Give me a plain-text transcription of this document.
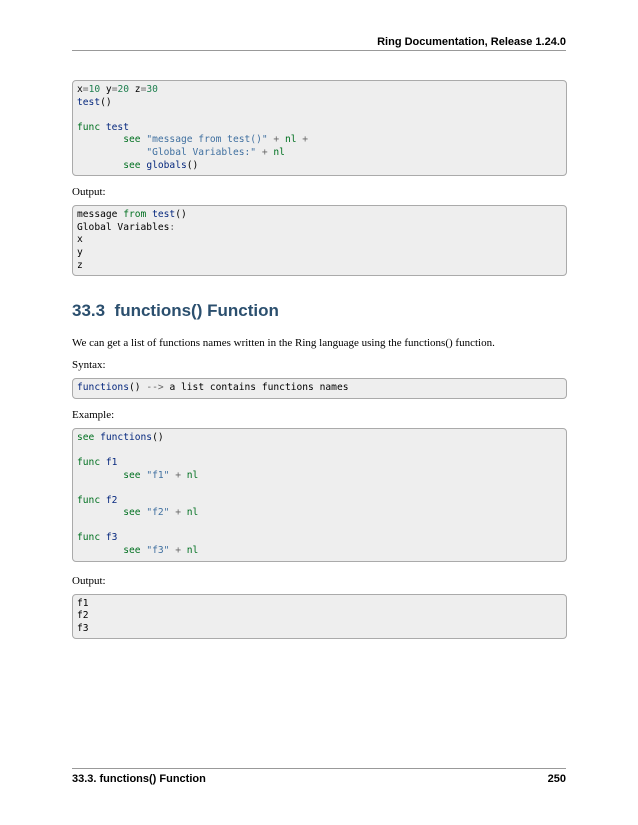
Ring Documentation, Release 1.24.0
x=10 y=20 z=30
test()

func test
see "message from test()" + nl +
"Global Variables:" + nl
see globals()

Output:

message from test()
Global Variables:
x
y
z
33.3 functions() Function

We can get a list of functions names written in the Ring language using the functions() function.

Syntax:

functions() --> a list contains functions names

Example:

see functions()

func f1
see "f1" + nl

func f2
see "f2" + nl

func f3
see "f3" + nl

Output:

f1
f2
f3
33.3. functions() Function	250
